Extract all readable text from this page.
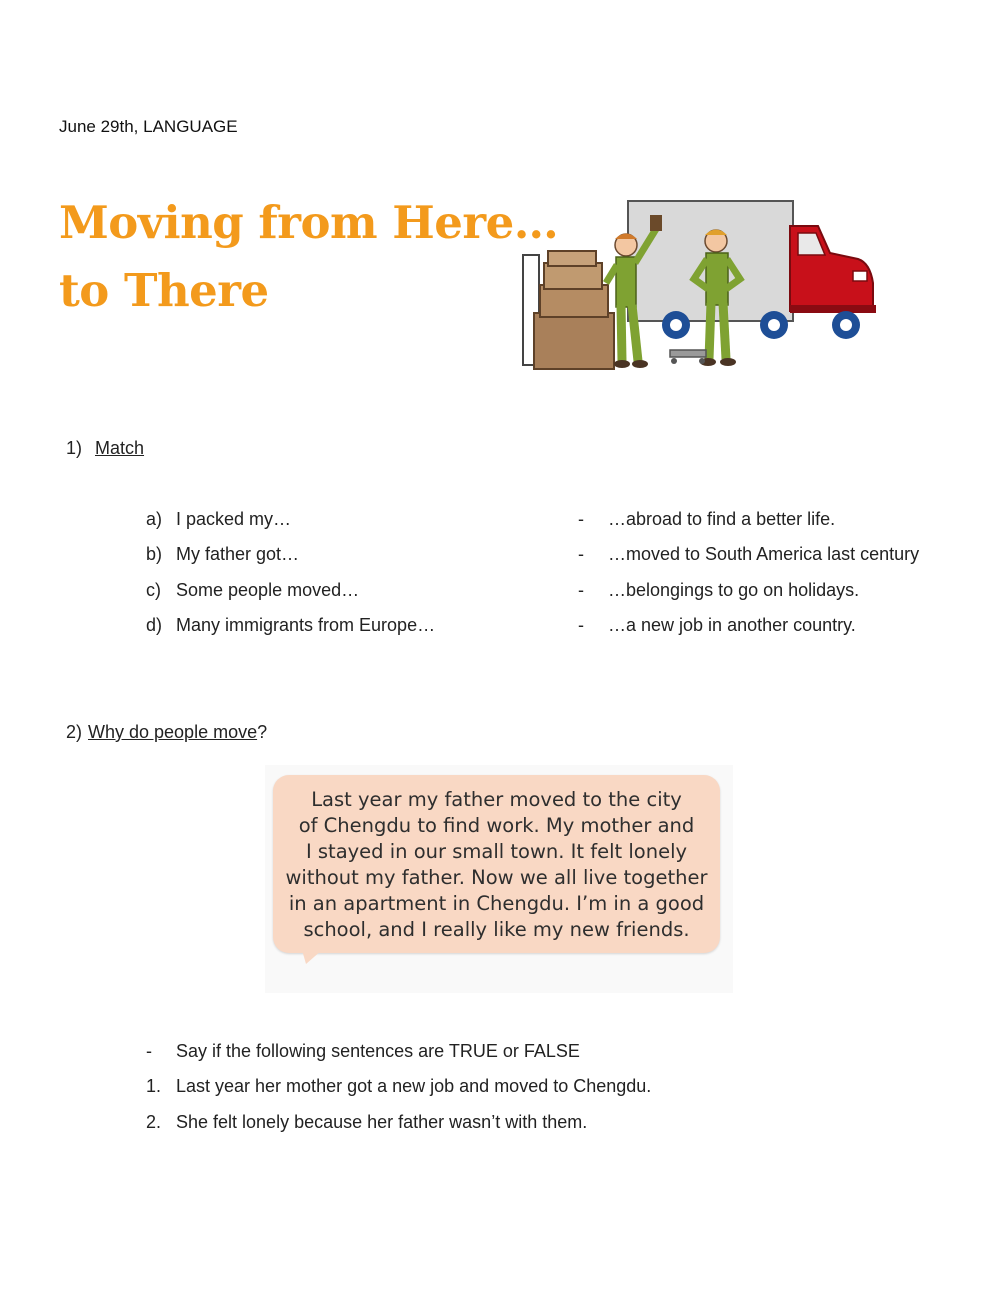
June 29th, LANGUAGE
Moving from Here…
to There
1) Match
a) I packed my…
b) My father got…
c) Some people moved…
d) Many immigrants from Europe…
- …abroad to find a better life.
- …moved to South America last century
- …belongings to go on holidays.
- …a new job in another country.
2) Why do people move?
Last year my father moved to the city
of Chengdu to find work. My mother and
I stayed in our small town. It felt lonely
without my father. Now we all live together
in an apartment in Chengdu. I’m in a good
school, and I really like my new friends.
-	Say if the following sentences are TRUE or FALSE
1. Last year her mother got a new job and moved to Chengdu.
2. She felt lonely because her father wasn’t with them.
